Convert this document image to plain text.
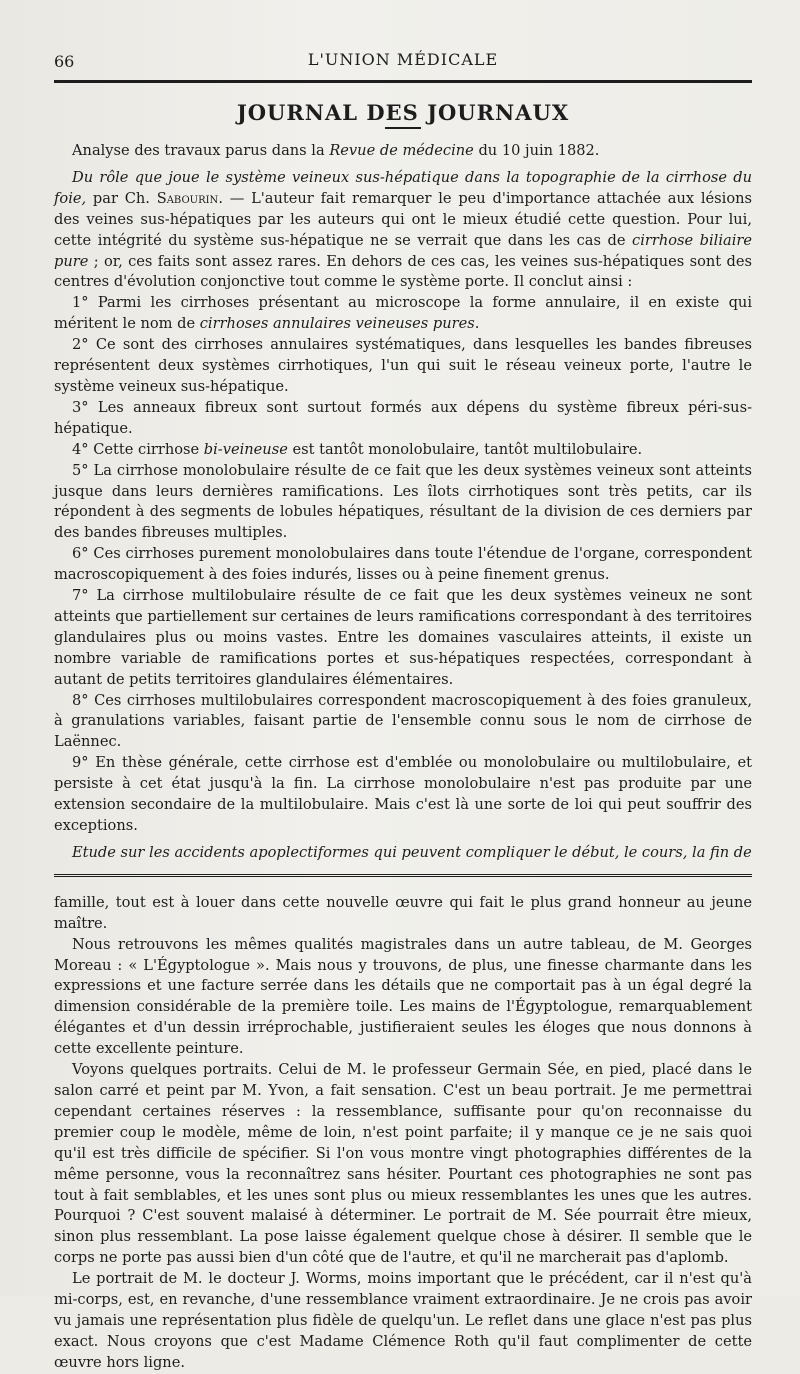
66	L'UNION MÉDICALE
JOURNAL DES JOURNAUX

Analyse des travaux parus dans la Revue de médecine du 10 juin 1882.

Du rôle que joue le système veineux sus-hépatique dans la topographie de la cirrhose du foie, par Ch. Sabourin. — L'auteur fait remarquer le peu d'importance attachée aux lésions des veines sus-hépatiques par les auteurs qui ont le mieux étudié cette question. Pour lui, cette intégrité du système sus-hépatique ne se verrait que dans les cas de cirrhose biliaire pure ; or, ces faits sont assez rares. En dehors de ces cas, les veines sus-hépatiques sont des centres d'évolution conjonctive tout comme le système porte. Il conclut ainsi :

1° Parmi les cirrhoses présentant au microscope la forme annulaire, il en existe qui méritent le nom de cirrhoses annulaires veineuses pures.

2° Ce sont des cirrhoses annulaires systématiques, dans lesquelles les bandes fibreuses représentent deux systèmes cirrhotiques, l'un qui suit le réseau veineux porte, l'autre le système veineux sus-hépatique.

3° Les anneaux fibreux sont surtout formés aux dépens du système fibreux péri-sus-hépatique.

4° Cette cirrhose bi-veineuse est tantôt monolobulaire, tantôt multilobulaire.

5° La cirrhose monolobulaire résulte de ce fait que les deux systèmes veineux sont atteints jusque dans leurs dernières ramifications. Les îlots cirrhotiques sont très petits, car ils répondent à des segments de lobules hépatiques, résultant de la division de ces derniers par des bandes fibreuses multiples.

6° Ces cirrhoses purement monolobulaires dans toute l'étendue de l'organe, correspondent macroscopiquement à des foies indurés, lisses ou à peine finement grenus.

7° La cirrhose multilobulaire résulte de ce fait que les deux systèmes veineux ne sont atteints que partiellement sur certaines de leurs ramifications correspondant à des territoires glandulaires plus ou moins vastes. Entre les domaines vasculaires atteints, il existe un nombre variable de ramifications portes et sus-hépatiques respectées, correspondant à autant de petits territoires glandulaires élémentaires.

8° Ces cirrhoses multilobulaires correspondent macroscopiquement à des foies granuleux, à granulations variables, faisant partie de l'ensemble connu sous le nom de cirrhose de Laënnec.

9° En thèse générale, cette cirrhose est d'emblée ou monolobulaire ou multilobulaire, et persiste à cet état jusqu'à la fin. La cirrhose monolobulaire n'est pas produite par une extension secondaire de la multilobulaire. Mais c'est là une sorte de loi qui peut souffrir des exceptions.

Etude sur les accidents apoplectiformes qui peuvent compliquer le début, le cours, la fin de

famille, tout est à louer dans cette nouvelle œuvre qui fait le plus grand honneur au jeune maître.

Nous retrouvons les mêmes qualités magistrales dans un autre tableau, de M. Georges Moreau : « L'Égyptologue ». Mais nous y trouvons, de plus, une finesse charmante dans les expressions et une facture serrée dans les détails que ne comportait pas à un égal degré la dimension considérable de la première toile. Les mains de l'Égyptologue, remarquablement élégantes et d'un dessin irréprochable, justifieraient seules les éloges que nous donnons à cette excellente peinture.

Voyons quelques portraits. Celui de M. le professeur Germain Sée, en pied, placé dans le salon carré et peint par M. Yvon, a fait sensation. C'est un beau portrait. Je me permettrai cependant certaines réserves : la ressemblance, suffisante pour qu'on reconnaisse du premier coup le modèle, même de loin, n'est point parfaite; il y manque ce je ne sais quoi qu'il est très difficile de spécifier. Si l'on vous montre vingt photographies différentes de la même personne, vous la reconnaîtrez sans hésiter. Pourtant ces photographies ne sont pas tout à fait semblables, et les unes sont plus ou mieux ressemblantes les unes que les autres. Pourquoi ? C'est souvent malaisé à déterminer. Le portrait de M. Sée pourrait être mieux, sinon plus ressemblant. La pose laisse également quelque chose à désirer. Il semble que le corps ne porte pas aussi bien d'un côté que de l'autre, et qu'il ne marcherait pas d'aplomb.

Le portrait de M. le docteur J. Worms, moins important que le précédent, car il n'est qu'à mi-corps, est, en revanche, d'une ressemblance vraiment extraordinaire. Je ne crois pas avoir vu jamais une représentation plus fidèle de quelqu'un. Le reflet dans une glace n'est pas plus exact. Nous croyons que c'est Madame Clémence Roth qu'il faut complimenter de cette œuvre hors ligne.
